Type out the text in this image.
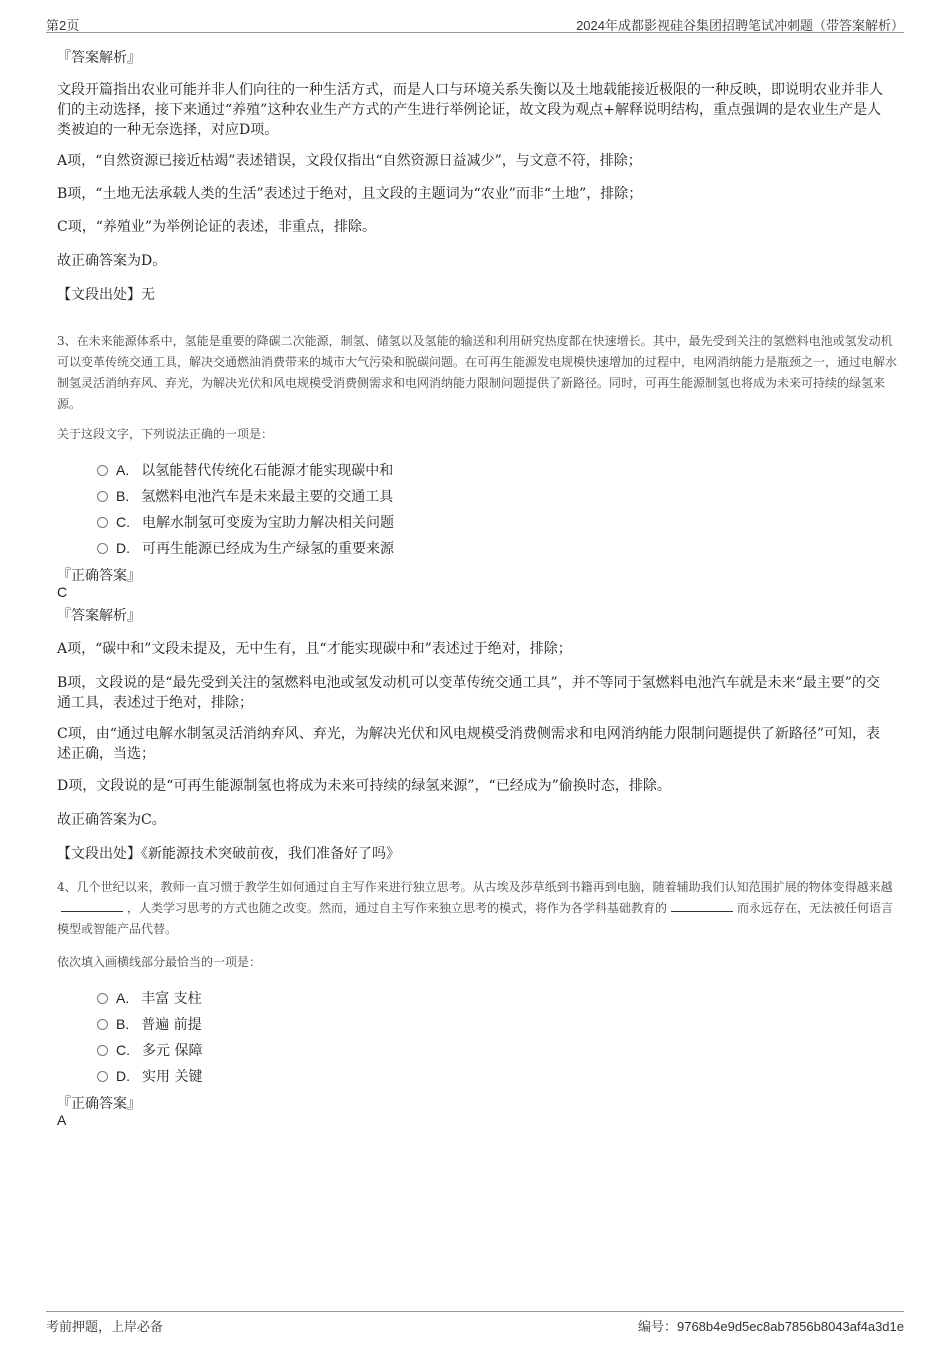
第2页	2024年成都影视硅谷集团招聘笔试冲刺题（带答案解析）
『答案解析』
文段开篇指出农业可能并非人们向往的一种生活方式，而是人口与环境关系失衡以及土地载能接近极限的一种反映，即说明农业并非人们的主动选择，接下来通过“养殖”这种农业生产方式的产生进行举例论证，故文段为观点+解释说明结构，重点强调的是农业生产是人类被迫的一种无奈选择，对应D项。
A项，“自然资源已接近枯竭”表述错误，文段仅指出“自然资源日益减少”，与文意不符，排除；
B项，“土地无法承载人类的生活”表述过于绝对，且文段的主题词为“农业”而非“土地”，排除；
C项，“养殖业”为举例论证的表述，非重点，排除。
故正确答案为D。
【文段出处】无
3、在未来能源体系中，氢能是重要的降碳二次能源，制氢、储氢以及氢能的输送和利用研究热度都在快速增长。其中，最先受到关注的氢燃料电池或氢发动机可以变革传统交通工具，解决交通燃油消费带来的城市大气污染和脱碳问题。在可再生能源发电规模快速增加的过程中，电网消纳能力是瓶颈之一，通过电解水制氢灵活消纳弃风、弃光，为解决光伏和风电规模受消费侧需求和电网消纳能力限制问题提供了新路径。同时，可再生能源制氢也将成为未来可持续的绿氢来源。
关于这段文字，下列说法正确的一项是：
A. 以氢能替代传统化石能源才能实现碳中和
B. 氢燃料电池汽车是未来最主要的交通工具
C. 电解水制氢可变废为宝助力解决相关问题
D. 可再生能源已经成为生产绿氢的重要来源
『正确答案』
C
『答案解析』
A项，“碳中和”文段未提及，无中生有，且“才能实现碳中和”表述过于绝对，排除；
B项，文段说的是“最先受到关注的氢燃料电池或氢发动机可以变革传统交通工具”，并不等同于氢燃料电池汽车就是未来“最主要”的交通工具，表述过于绝对，排除；
C项，由“通过电解水制氢灵活消纳弃风、弃光，为解决光伏和风电规模受消费侧需求和电网消纳能力限制问题提供了新路径”可知，表述正确，当选；
D项，文段说的是“可再生能源制氢也将成为未来可持续的绿氢来源”，“已经成为”偷换时态，排除。
故正确答案为C。
【文段出处】《新能源技术突破前夜，我们准备好了吗》
4、几个世纪以来，教师一直习惯于教学生如何通过自主写作来进行独立思考。从古埃及莎草纸到书籍再到电脑，随着辅助我们认知范围扩展的物体变得越来越，人类学习思考的方式也随之改变。然而，通过自主写作来独立思考的模式，将作为各学科基础教育的	而永远存在，无法被任何语言模型或智能产品代替。
依次填入画横线部分最恰当的一项是：
A. 丰富 支柱
B. 普遍 前提
C. 多元 保障
D. 实用 关键
『正确答案』
A
考前押题，上岸必备	编号：9768b4e9d5ec8ab7856b8043af4a3d1e
